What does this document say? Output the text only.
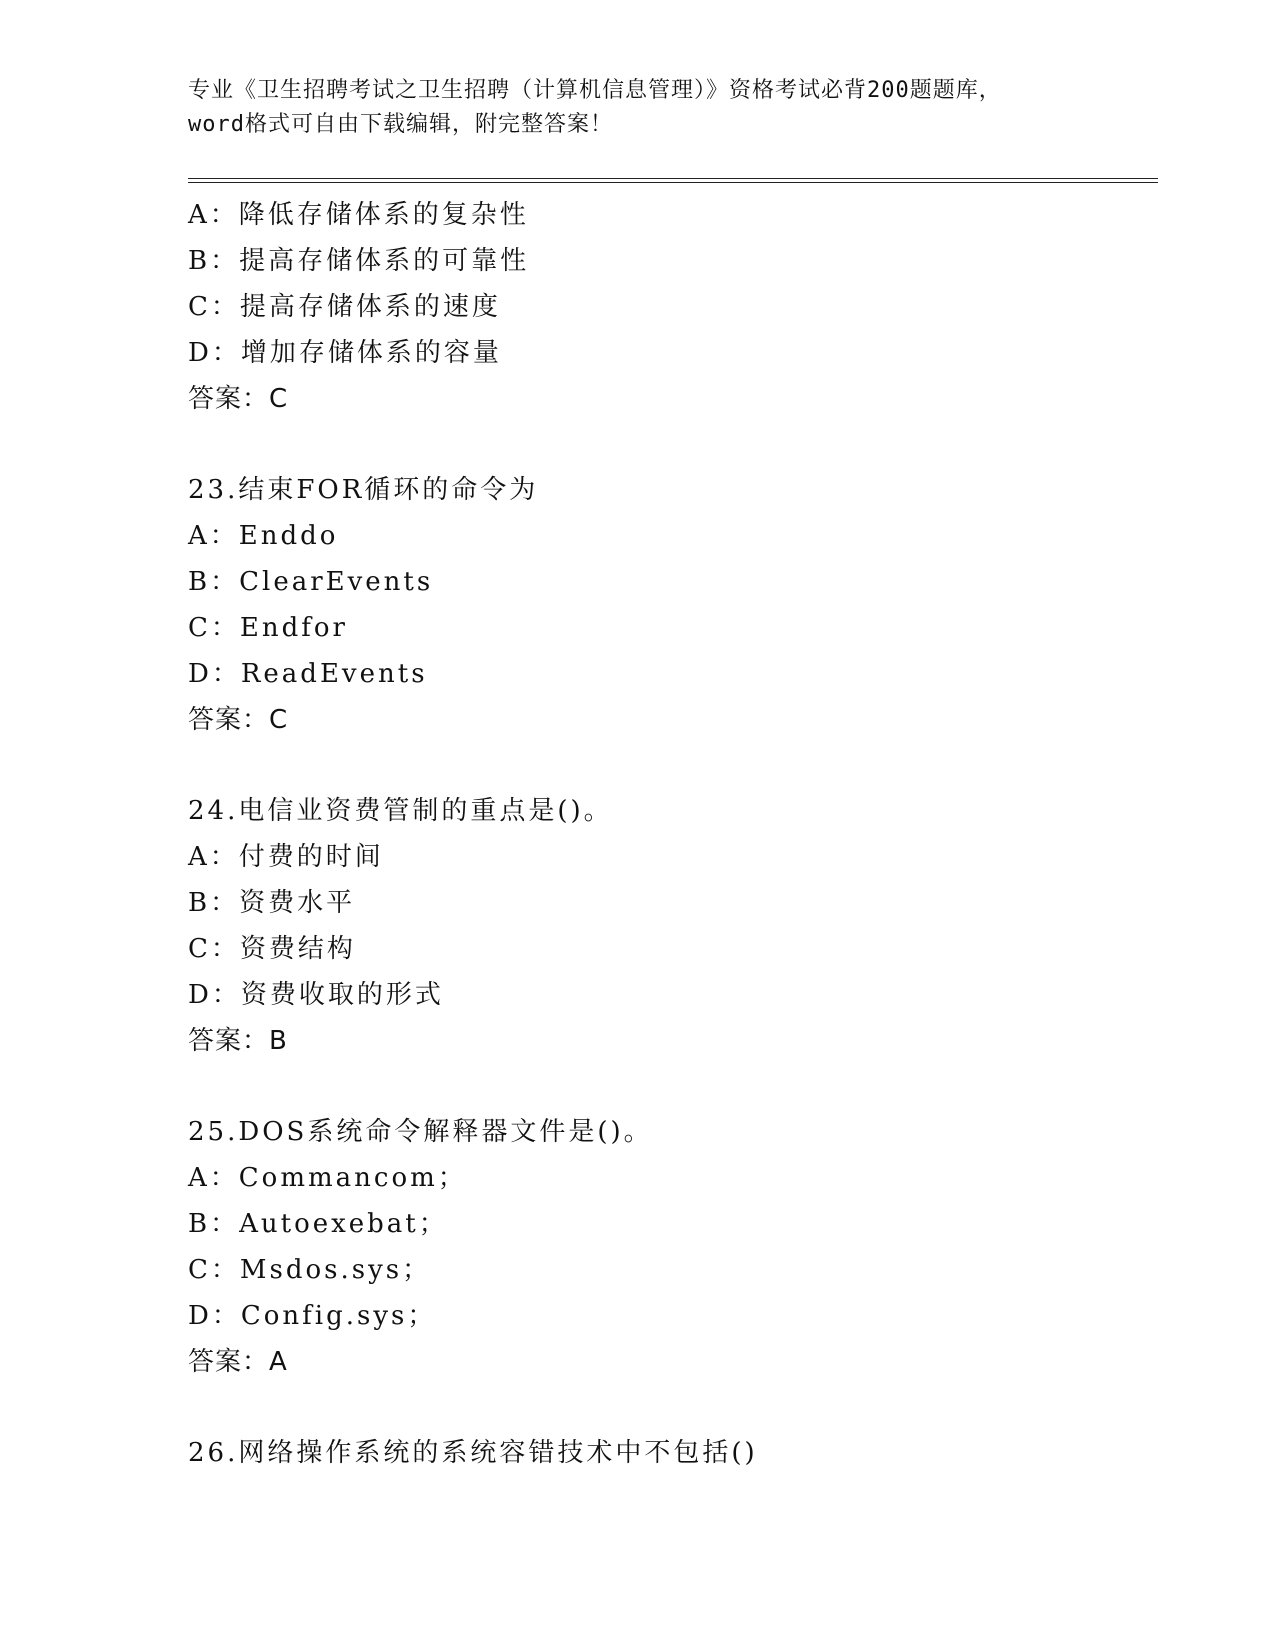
专业《卫生招聘考试之卫生招聘（计算机信息管理）》资格考试必背200题题库，
word格式可自由下载编辑，附完整答案！
A：降低存储体系的复杂性
B：提高存储体系的可靠性
C：提高存储体系的速度
D：增加存储体系的容量
答案：C
23.结束FOR循环的命令为
A：Enddo
B：ClearEvents
C：Endfor
D：ReadEvents
答案：C
24.电信业资费管制的重点是()。
A：付费的时间
B：资费水平
C：资费结构
D：资费收取的形式
答案：B
25.DOS系统命令解释器文件是()。
A：Commancom；
B：Autoexebat；
C：Msdos.sys；
D：Config.sys；
答案：A
26.网络操作系统的系统容错技术中不包括()
